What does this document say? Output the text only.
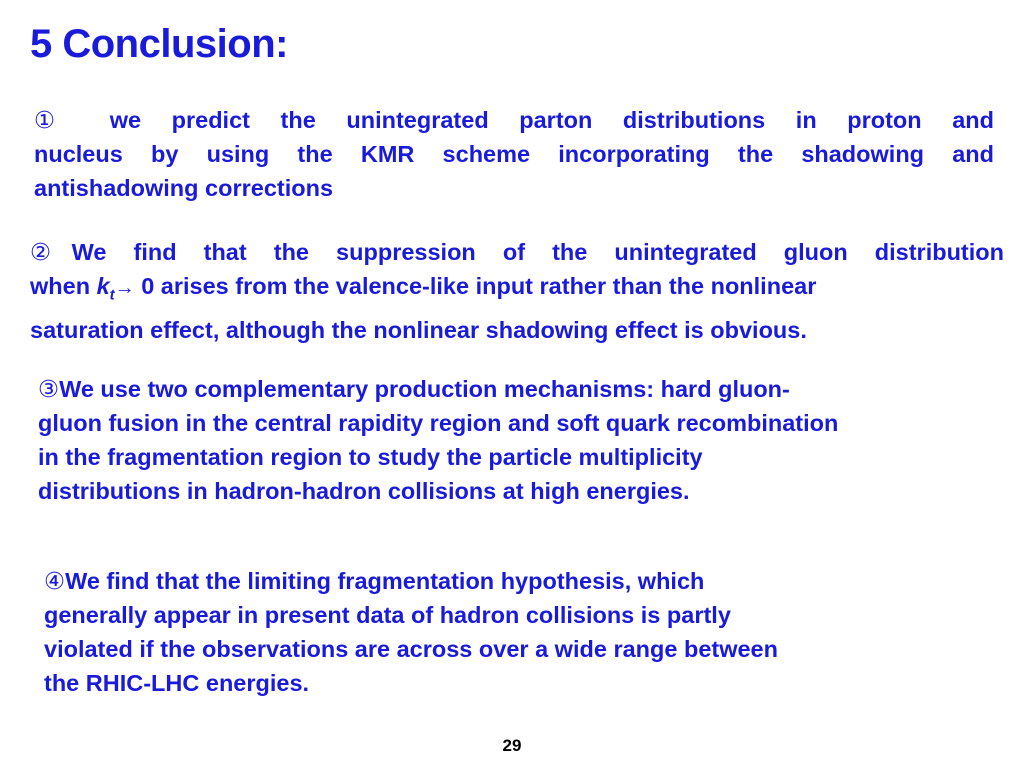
5 Conclusion:
① we predict the unintegrated parton distributions in proton and
nucleus by using the KMR scheme incorporating the shadowing and
antishadowing corrections
②We find that the suppression of the unintegrated gluon distribution
when $k_t\to 0$ arises from the valence-like input rather than the nonlinear
saturation effect, although the nonlinear shadowing effect is obvious.
③We use two complementary production mechanisms: hard gluon-
gluon fusion in the central rapidity region and soft quark recombination
in the fragmentation region to study the particle multiplicity
distributions in hadron-hadron collisions at high energies.
④We find that the limiting fragmentation hypothesis, which
generally appear in present data of hadron collisions is partly
violated if the observations are across over a wide range between
the RHIC-LHC energies.
29
